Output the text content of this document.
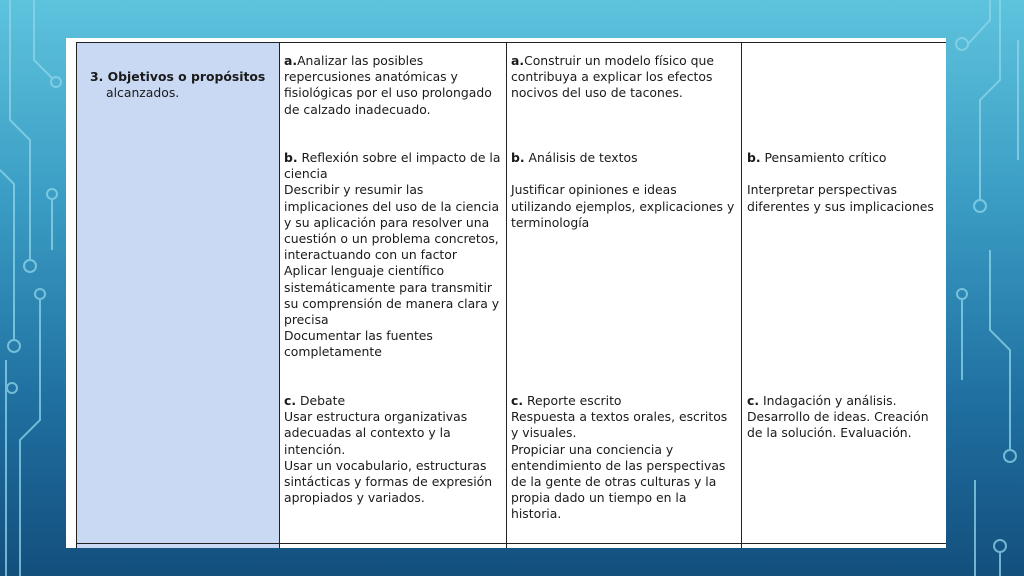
3. Objetivos o propósitos

alcanzados.

a.Analizar las posibles repercusiones anatómicas y fisiológicas por el uso prolongado de calzado inadecuado.
b. Reflexión sobre el impacto de la ciencia
Describir y resumir las implicaciones del uso de la ciencia y su aplicación para resolver una cuestión o un problema concretos, interactuando con un factor
Aplicar lenguaje científico sistemáticamente para transmitir su comprensión de manera clara y precisa
Documentar las fuentes completamente
c. Debate
Usar estructura organizativas adecuadas al contexto y la intención.
Usar un vocabulario, estructuras sintácticas y formas de expresión apropiados y variados.
a.Construir un modelo físico que contribuya a explicar los efectos nocivos del uso de tacones.
b. Análisis de textos

Justificar opiniones e ideas utilizando ejemplos, explicaciones y terminología
c. Reporte escrito
Respuesta a textos orales, escritos y visuales.
Propiciar una conciencia y entendimiento de las perspectivas de la gente de otras culturas y la propia dado un tiempo en la historia.
b. Pensamiento crítico

Interpretar perspectivas diferentes y sus implicaciones
c. Indagación y análisis.
Desarrollo de ideas. Creación de la solución. Evaluación.
